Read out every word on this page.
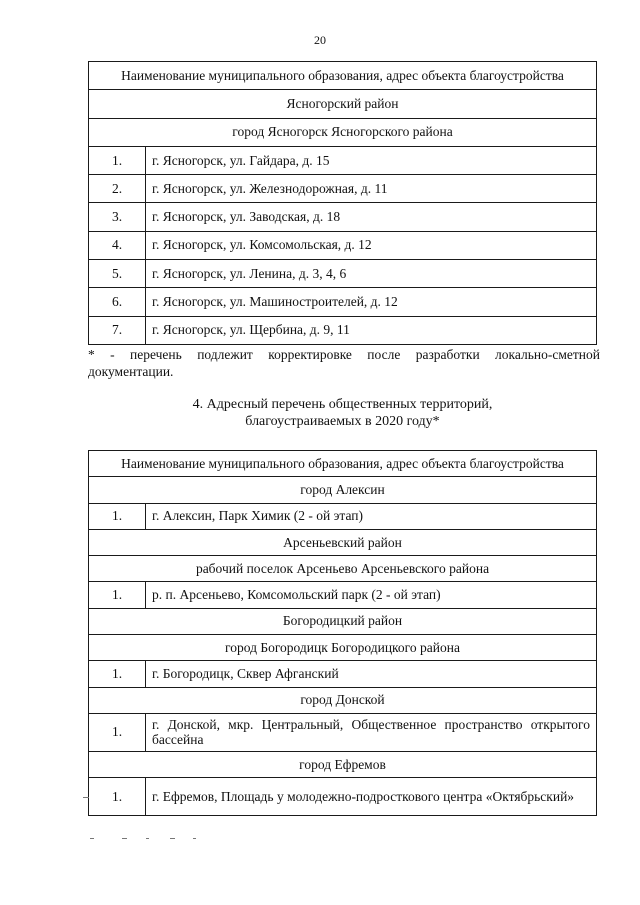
20
Наименование муниципального образования, адрес объекта благоустройства	
Ясногорский район	
город Ясногорск Ясногорского района	
1.	г. Ясногорск, ул. Гайдара, д. 15
2.	г. Ясногорск, ул. Железнодорожная, д. 11
3.	г. Ясногорск, ул. Заводская, д. 18
4.	г. Ясногорск, ул. Комсомольская, д. 12
5.	г. Ясногорск, ул. Ленина, д. 3, 4, 6
6.	г. Ясногорск, ул. Машиностроителей, д. 12
7.	г. Ясногорск, ул. Щербина, д. 9, 11
* - перечень подлежит корректировке после разработки локально-сметной документации.
4. Адресный перечень общественных территорий,
благоустраиваемых в 2020 году*
Наименование муниципального образования, адрес объекта благоустройства	
город Алексин	
1.	г. Алексин, Парк Химик (2 - ой этап)
Арсеньевский район	
рабочий поселок Арсеньево Арсеньевского района	
1.	р. п. Арсеньево, Комсомольский парк (2 - ой этап)
Богородицкий район	
город Богородицк Богородицкого района	
1.	г. Богородицк, Сквер Афганский
город Донской	
1.	г. Донской, мкр. Центральный, Общественное пространство открытого бассейна
город Ефремов	
1.	г. Ефремов, Площадь у молодежно-подросткового центра «Октябрьский»
